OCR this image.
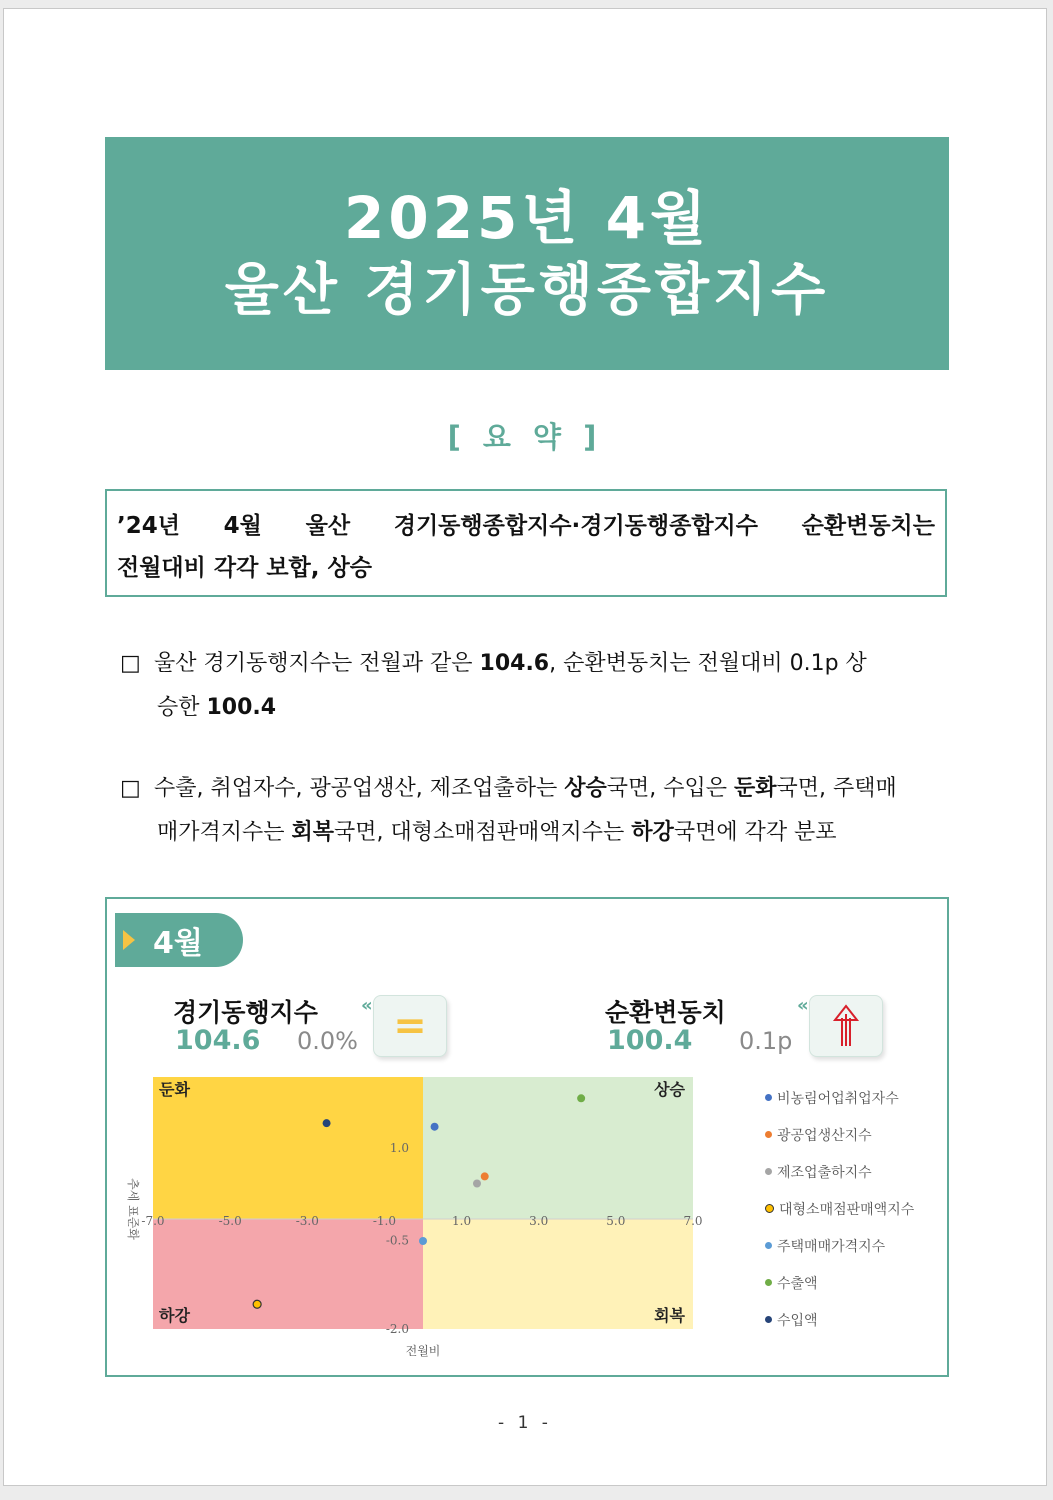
2025년 4월
울산 경기동행종합지수
[ 요 약 ]
’24년 4월 울산 경기동행종합지수·경기동행종합지수 순환변동치는
전월대비 각각 보합, 상승
□ 울산 경기동행지수는 전월과 같은 104.6, 순환변동치는 전월대비 0.1p 상
승한 100.4
□ 수출, 취업자수, 광공업생산, 제조업출하는 상승국면, 수입은 둔화국면, 주택매
매가격지수는 회복국면, 대형소매점판매액지수는 하강국면에 각각 분포
4월
경기동행지수
104.6 0.0%
« =	순환변동치
100.4 0.1p
«
둔화	상승
하강	회복
-7.0	-5.0	-3.0	-1.0	1.0	3.0	5.0	7.0
1.0
-0.5
-2.0
전월비
추세 표준화
비농림어업취업자수
광공업생산지수
제조업출하지수
대형소매점판매액지수
주택매매가격지수
수출액
수입액
- 1 -
